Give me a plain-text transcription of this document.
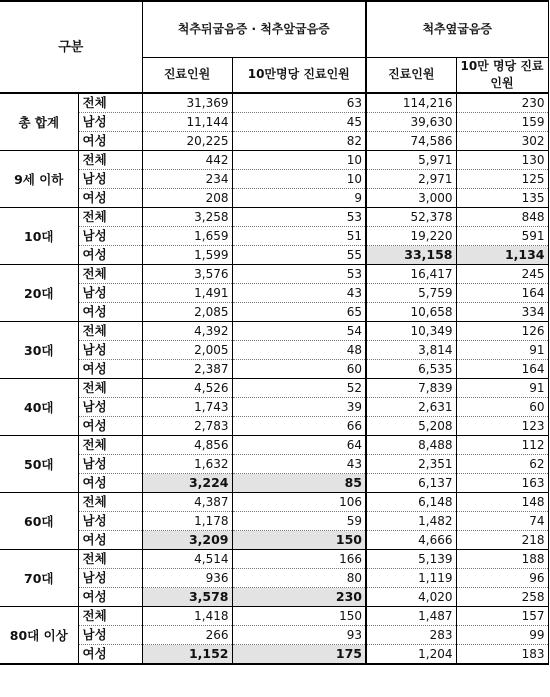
구분		척추뒤굽음증 · 척추앞굽음증		척추옆굽음증	
		진료인원	10만명당 진료인원	진료인원	10만 명당 진료인원
총 합계	전체	31,369	63	114,216	230
	남성	11,144	45	39,630	159
	여성	20,225	82	74,586	302
9세 이하	전체	442	10	5,971	130
	남성	234	10	2,971	125
	여성	208	9	3,000	135
10대	전체	3,258	53	52,378	848
	남성	1,659	51	19,220	591
	여성	1,599	55	33,158	1,134
20대	전체	3,576	53	16,417	245
	남성	1,491	43	5,759	164
	여성	2,085	65	10,658	334
30대	전체	4,392	54	10,349	126
	남성	2,005	48	3,814	91
	여성	2,387	60	6,535	164
40대	전체	4,526	52	7,839	91
	남성	1,743	39	2,631	60
	여성	2,783	66	5,208	123
50대	전체	4,856	64	8,488	112
	남성	1,632	43	2,351	62
	여성	3,224	85	6,137	163
60대	전체	4,387	106	6,148	148
	남성	1,178	59	1,482	74
	여성	3,209	150	4,666	218
70대	전체	4,514	166	5,139	188
	남성	936	80	1,119	96
	여성	3,578	230	4,020	258
80대 이상	전체	1,418	150	1,487	157
	남성	266	93	283	99
	여성	1,152	175	1,204	183
